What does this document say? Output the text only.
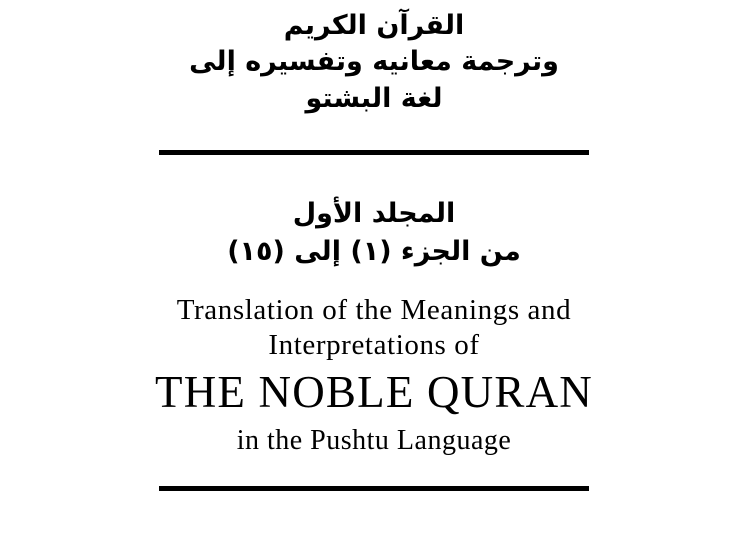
القرآن الكريم
وترجمة معانيه وتفسيره إلى
لغة البشتو
المجلد الأول
من الجزء (١) إلى (١٥)
Translation of the Meanings and
Interpretations of
THE NOBLE QURAN
in the Pushtu Language
